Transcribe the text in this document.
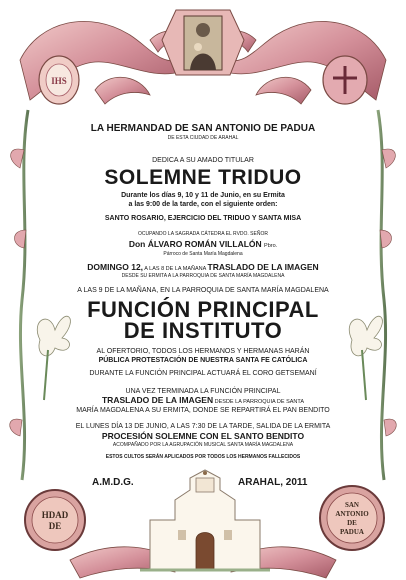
IHS
HDAD
DE
SAN
ANTONIO
DE
PADUA
LA HERMANDAD DE SAN ANTONIO DE PADUA
DE ESTA CIUDAD DE ARAHAL
DEDICA A SU AMADO TITULAR
SOLEMNE TRIDUO
Durante los días 9, 10 y 11 de Junio, en su Ermita
a las 9:00 de la tarde, con el siguiente orden:
SANTO ROSARIO, EJERCICIO DEL TRIDUO Y SANTA MISA
OCUPANDO LA SAGRADA CÁTEDRA EL RVDO. SEÑOR
Don ÁLVARO ROMÁN VILLALÓN Pbro.
Párroco de Santa María Magdalena
DOMINGO 12, A LAS 8 DE LA MAÑANA TRASLADO DE LA IMAGEN
DESDE SU ERMITA A LA PARROQUIA DE SANTA MARÍA MAGDALENA
A LAS 9 DE LA MAÑANA, EN LA PARROQUIA DE SANTA MARÍA MAGDALENA
FUNCIÓN PRINCIPAL
DE INSTITUTO
AL OFERTORIO, TODOS LOS HERMANOS Y HERMANAS HARÁN
PÚBLICA PROTESTACIÓN DE NUESTRA SANTA FE CATÓLICA
DURANTE LA FUNCIÓN PRINCIPAL ACTUARÁ EL CORO GETSEMANÍ
UNA VEZ TERMINADA LA FUNCIÓN PRINCIPAL
TRASLADO DE LA IMAGEN DESDE LA PARROQUIA DE SANTA
MARÍA MAGDALENA A SU ERMITA, DONDE SE REPARTIRÁ EL PAN BENDITO
EL LUNES DÍA 13 DE JUNIO, A LAS 7:30 DE LA TARDE, SALIDA DE LA ERMITA
PROCESIÓN SOLEMNE CON EL SANTO BENDITO
ACOMPAÑADO POR LA AGRUPACIÓN MUSICAL SANTA MARÍA MAGDALENA
ESTOS CULTOS SERÁN APLICADOS POR TODOS LOS HERMANOS FALLECIDOS
A.M.D.G.	ARAHAL, 2011
